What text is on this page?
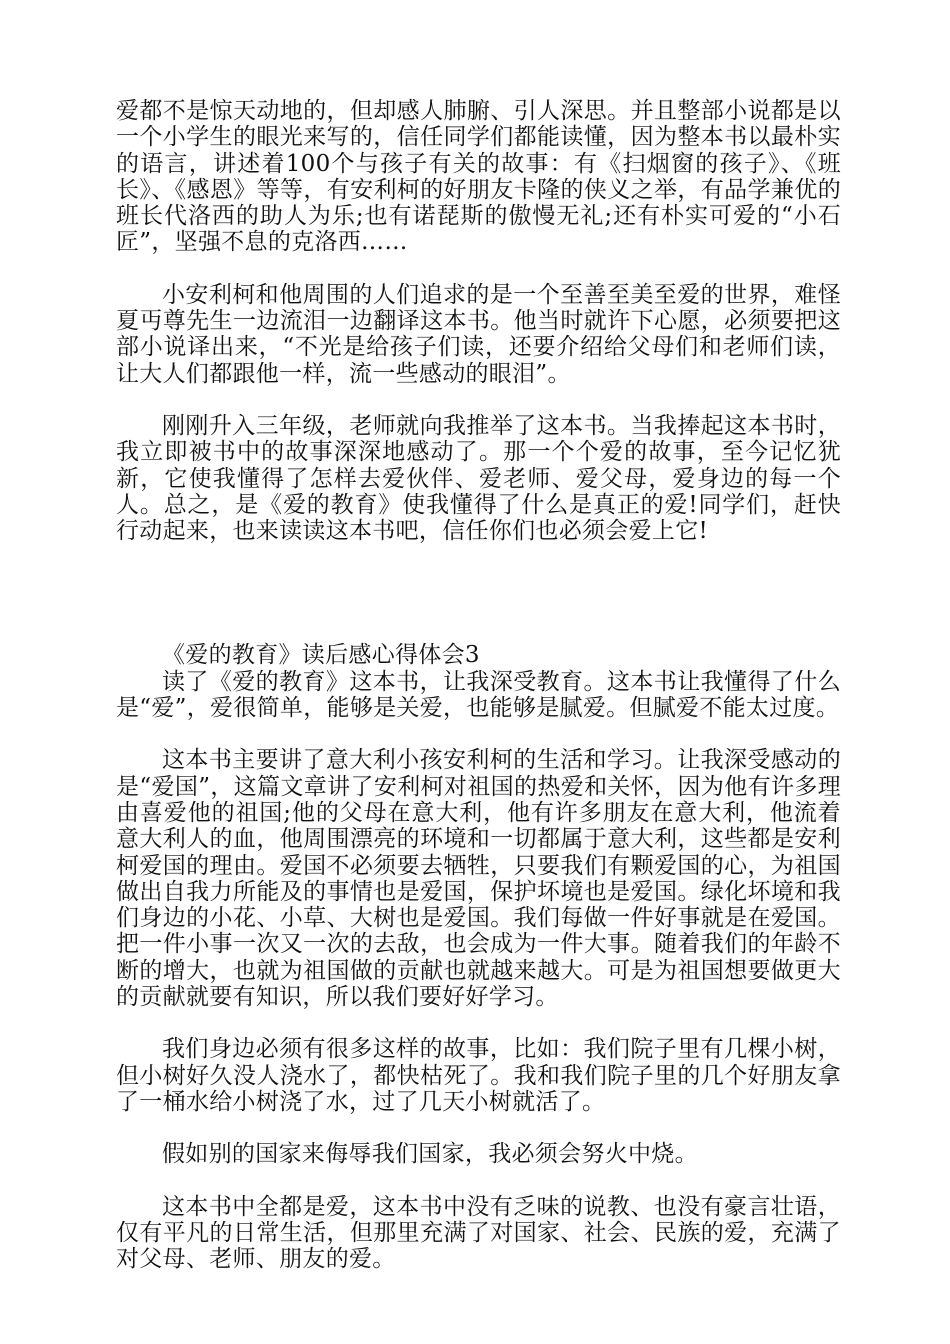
爱都不是惊天动地的，但却感人肺腑、引人深思。并且整部小说都是以一个小学生的眼光来写的，信任同学们都能读懂，因为整本书以最朴实的语言，讲述着100个与孩子有关的故事：有《扫烟窗的孩子》、《班长》、《感恩》等等，有安利柯的好朋友卡隆的侠义之举，有品学兼优的班长代洛西的助人为乐;也有诺琵斯的傲慢无礼;还有朴实可爱的“小石匠”，坚强不息的克洛西……

小安利柯和他周围的人们追求的是一个至善至美至爱的世界，难怪夏丏尊先生一边流泪一边翻译这本书。他当时就许下心愿，必须要把这部小说译出来，“不光是给孩子们读，还要介绍给父母们和老师们读，让大人们都跟他一样，流一些感动的眼泪”。

刚刚升入三年级，老师就向我推举了这本书。当我捧起这本书时，我立即被书中的故事深深地感动了。那一个个爱的故事，至今记忆犹新，它使我懂得了怎样去爱伙伴、爱老师、爱父母，爱身边的每一个人。总之，是《爱的教育》使我懂得了什么是真正的爱!同学们，赶快行动起来，也来读读这本书吧，信任你们也必须会爱上它!

《爱的教育》读后感心得体会3

读了《爱的教育》这本书，让我深受教育。这本书让我懂得了什么是“爱”，爱很简单，能够是关爱，也能够是腻爱。但腻爱不能太过度。

这本书主要讲了意大利小孩安利柯的生活和学习。让我深受感动的是“爱国”，这篇文章讲了安利柯对祖国的热爱和关怀，因为他有许多理由喜爱他的祖国;他的父母在意大利，他有许多朋友在意大利，他流着意大利人的血，他周围漂亮的环境和一切都属于意大利，这些都是安利柯爱国的理由。爱国不必须要去牺牲，只要我们有颗爱国的心，为祖国做出自我力所能及的事情也是爱国，保护坏境也是爱国。绿化坏境和我们身边的小花、小草、大树也是爱国。我们每做一件好事就是在爱国。把一件小事一次又一次的去敌，也会成为一件大事。随着我们的年龄不断的增大，也就为祖国做的贡献也就越来越大。可是为祖国想要做更大的贡献就要有知识，所以我们要好好学习。

我们身边必须有很多这样的故事，比如：我们院子里有几棵小树，但小树好久没人浇水了，都快枯死了。我和我们院子里的几个好朋友拿了一桶水给小树浇了水，过了几天小树就活了。

假如别的国家来侮辱我们国家，我必须会努火中烧。

这本书中全都是爱，这本书中没有乏味的说教、也没有豪言壮语，仅有平凡的日常生活，但那里充满了对国家、社会、民族的爱，充满了对父母、老师、朋友的爱。
